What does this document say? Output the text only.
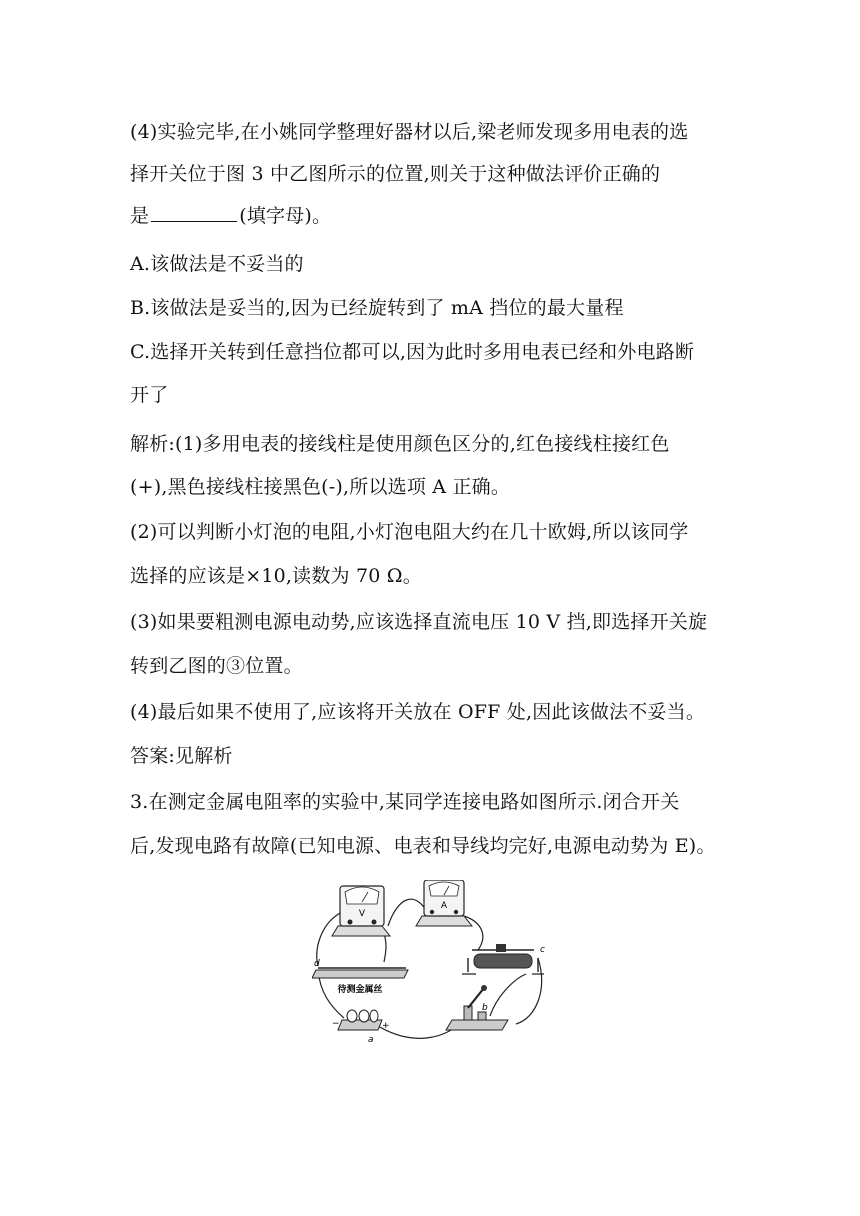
(4)实验完毕,在小姚同学整理好器材以后,梁老师发现多用电表的选
择开关位于图 3 中乙图所示的位置,则关于这种做法评价正确的
是	(填字母)。
A.该做法是不妥当的
B.该做法是妥当的,因为已经旋转到了 mA 挡位的最大量程
C.选择开关转到任意挡位都可以,因为此时多用电表已经和外电路断
开了
解析:(1)多用电表的接线柱是使用颜色区分的,红色接线柱接红色
(+),黑色接线柱接黑色(-),所以选项 A 正确。
(2)可以判断小灯泡的电阻,小灯泡电阻大约在几十欧姆,所以该同学
选择的应该是×10,读数为 70 Ω。
(3)如果要粗测电源电动势,应该选择直流电压 10 V 挡,即选择开关旋
转到乙图的③位置。
(4)最后如果不使用了,应该将开关放在 OFF 处,因此该做法不妥当。
答案:见解析
3.在测定金属电阻率的实验中,某同学连接电路如图所示.闭合开关
后,发现电路有故障(已知电源、电表和导线均完好,电源电动势为 E)。
V
A
待测金属丝
d
c
b
a
−	+
